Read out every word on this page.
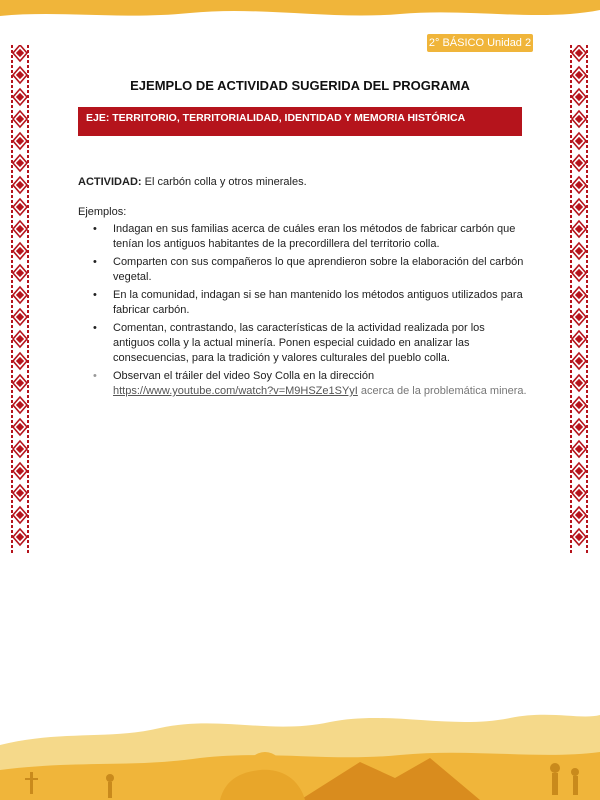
2° BÁSICO Unidad 2
EJEMPLO DE ACTIVIDAD SUGERIDA DEL PROGRAMA
EJE: TERRITORIO, TERRITORIALIDAD, IDENTIDAD Y MEMORIA HISTÓRICA

ACTIVIDAD: El carbón colla y otros minerales.

Ejemplos:

• Indagan en sus familias acerca de cuáles eran los métodos de fabricar carbón que tenían los antiguos habitantes de la precordillera del territorio colla.
• Comparten con sus compañeros lo que aprendieron sobre la elaboración del carbón vegetal.
• En la comunidad, indagan si se han mantenido los métodos antiguos utilizados para fabricar carbón.
• Comentan, contrastando, las características de la actividad realizada por los antiguos colla y la actual minería. Ponen especial cuidado en analizar las consecuencias, para la tradición y valores culturales del pueblo colla.
• Observan el tráiler del video Soy Colla en la dirección
https://www.youtube.com/watch?v=M9HSZe1SYyI acerca de la problemática minera.
